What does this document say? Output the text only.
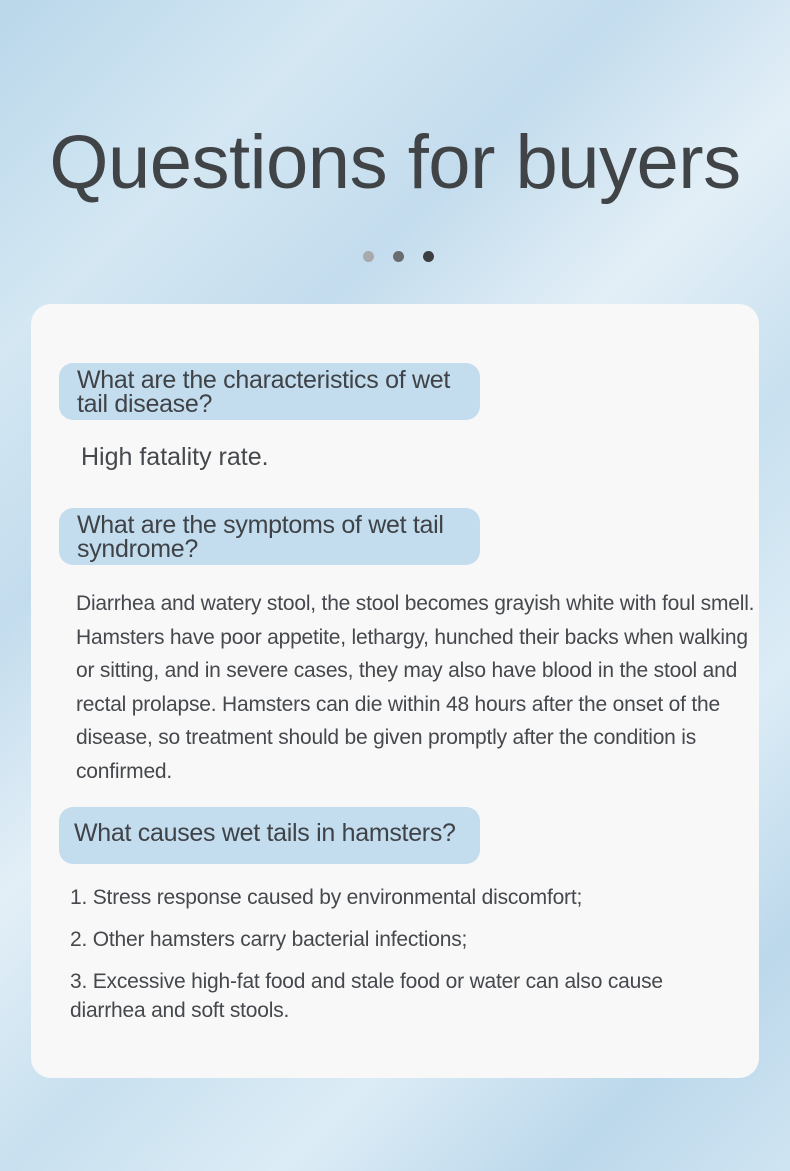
Questions for buyers
What are the characteristics of wet tail disease?
High fatality rate.
What are the symptoms of wet tail syndrome?
Diarrhea and watery stool, the stool becomes grayish white with foul smell. Hamsters have poor appetite, lethargy, hunched their backs when walking or sitting, and in severe cases, they may also have blood in the stool and rectal prolapse. Hamsters can die within 48 hours after the onset of the disease, so treatment should be given promptly after the condition is confirmed.
What causes wet tails in hamsters?
1. Stress response caused by environmental discomfort;
2. Other hamsters carry bacterial infections;
3. Excessive high-fat food and stale food or water can also cause diarrhea and soft stools.
